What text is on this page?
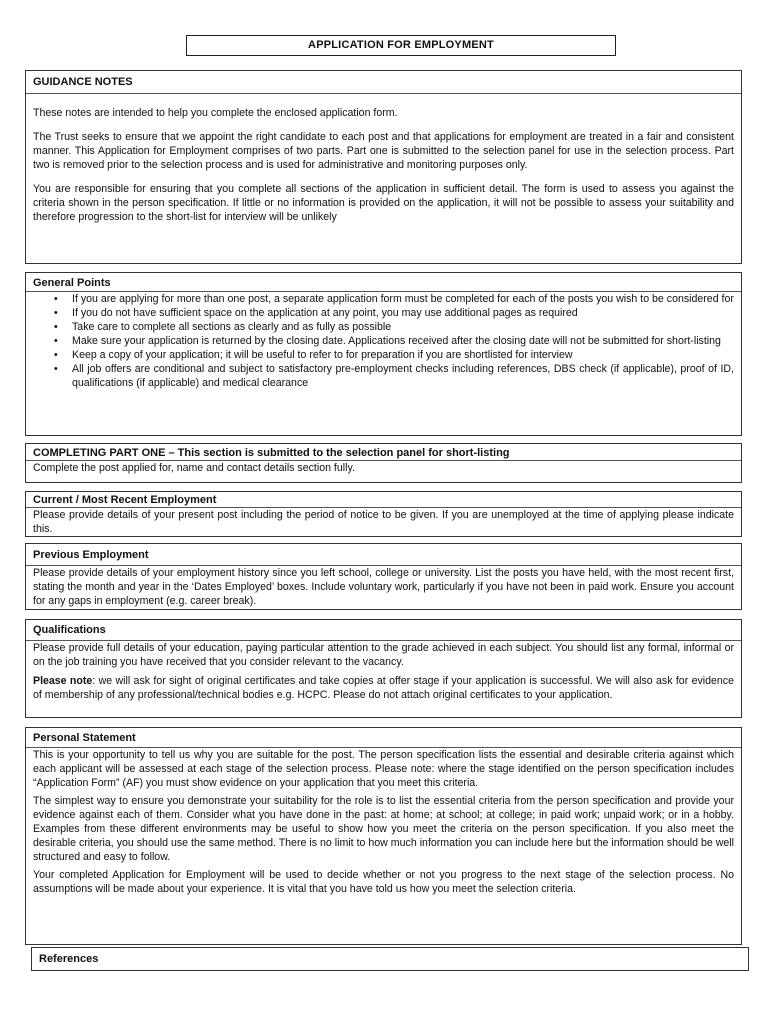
APPLICATION FOR EMPLOYMENT
GUIDANCE NOTES

These notes are intended to help you complete the enclosed application form.

The Trust seeks to ensure that we appoint the right candidate to each post and that applications for employment are treated in a fair and consistent manner. This Application for Employment comprises of two parts. Part one is submitted to the selection panel for use in the selection process. Part two is removed prior to the selection process and is used for administrative and monitoring purposes only.

You are responsible for ensuring that you complete all sections of the application in sufficient detail. The form is used to assess you against the criteria shown in the person specification. If little or no information is provided on the application, it will not be possible to assess your suitability and therefore progression to the short-list for interview will be unlikely

General Points
• If you are applying for more than one post, a separate application form must be completed for each of the posts you wish to be considered for
• If you do not have sufficient space on the application at any point, you may use additional pages as required
• Take care to complete all sections as clearly and as fully as possible
• Make sure your application is returned by the closing date. Applications received after the closing date will not be submitted for short-listing
• Keep a copy of your application; it will be useful to refer to for preparation if you are shortlisted for interview
• All job offers are conditional and subject to satisfactory pre-employment checks including references, DBS check (if applicable), proof of ID, qualifications (if applicable) and medical clearance
COMPLETING PART ONE – This section is submitted to the selection panel for short-listing

Complete the post applied for, name and contact details section fully.

Current / Most Recent Employment

Please provide details of your present post including the period of notice to be given. If you are unemployed at the time of applying please indicate this.

Previous Employment

Please provide details of your employment history since you left school, college or university. List the posts you have held, with the most recent first, stating the month and year in the ‘Dates Employed’ boxes. Include voluntary work, particularly if you have not been in paid work. Ensure you account for any gaps in employment (e.g. career break).

Qualifications

Please provide full details of your education, paying particular attention to the grade achieved in each subject. You should list any formal, informal or on the job training you have received that you consider relevant to the vacancy.

Please note: we will ask for sight of original certificates and take copies at offer stage if your application is successful. We will also ask for evidence of membership of any professional/technical bodies e.g. HCPC. Please do not attach original certificates to your application.

Personal Statement

This is your opportunity to tell us why you are suitable for the post. The person specification lists the essential and desirable criteria against which each applicant will be assessed at each stage of the selection process. Please note: where the stage identified on the person specification includes “Application Form” (AF) you must show evidence on your application that you meet this criteria.

The simplest way to ensure you demonstrate your suitability for the role is to list the essential criteria from the person specification and provide your evidence against each of them. Consider what you have done in the past: at home; at school; at college; in paid work; unpaid work; or in a hobby. Examples from these different environments may be useful to show how you meet the criteria on the person specification. If you also meet the desirable criteria, you should use the same method. There is no limit to how much information you can include here but the information should be well structured and easy to follow.

Your completed Application for Employment will be used to decide whether or not you progress to the next stage of the selection process. No assumptions will be made about your experience. It is vital that you have told us how you meet the selection criteria.

References
